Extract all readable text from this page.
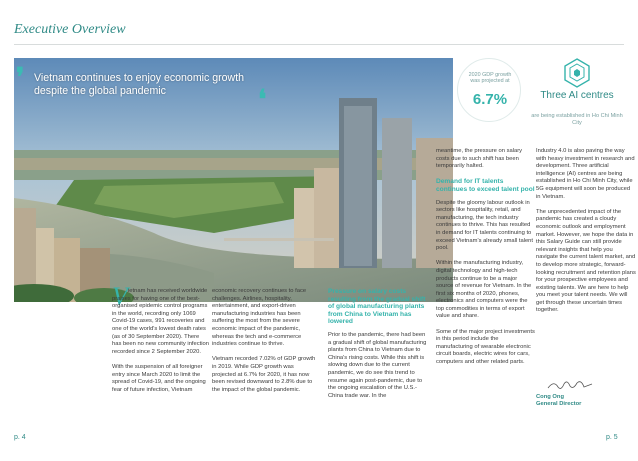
Executive Overview
❜ Vietnam continues to enjoy economic growth despite the global pandemic	❛
2020 GDP growth was projected at
6.7%	Three AI centres
are being established in Ho Chi Minh City
V ietnam has received worldwide praises for having one of the best-organised epidemic control programs in the world, recording only 1069 Covid-19 cases, 991 recoveries and one of the world's lowest death rates (as of 30 September 2020). There has been no new community infection recorded since 2 September 2020.

With the suspension of all foreigner entry since March 2020 to limit the spread of Covid-19, and the ongoing fear of future infection, Vietnam

economic recovery continues to face challenges. Airlines, hospitality, entertainment, and export-driven manufacturing industries has been suffering the most from the severe economic impact of the pandemic, whereas the tech and e-commerce industries continue to thrive.

Vietnam recorded 7.02% of GDP growth in 2019. While GDP growth was projected at 6.7% for 2020, it has now been revised downward to 2.8% due to the impact of the global pandemic.

Pressure on salary costs resulting from the gradual shift of global manufacturing plants from China to Vietnam has lowered

Prior to the pandemic, there had been a gradual shift of global manufacturing plants from China to Vietnam due to China's rising costs. While this shift is slowing down due to the current pandemic, we do see this trend to resume again post-pandemic, due to the ongoing escalation of the U.S.-China trade war. In the

meantime, the pressure on salary costs due to such shift has been temporarily halted.

Demand for IT talents continues to exceed talent pool

Despite the gloomy labour outlook in sectors like hospitality, retail, and manufacturing, the tech industry continues to thrive. This has resulted in demand for IT talents continuing to exceed Vietnam's already small talent pool.

Within the manufacturing industry, digital technology and high-tech products continue to be a major source of revenue for Vietnam. In the first six months of 2020, phones, electronics and computers were the top commodities in terms of export value and share.

Some of the major project investments in this period include the manufacturing of wearable electronic circuit boards, electric wires for cars, computers and other related parts.

Industry 4.0 is also paving the way with heavy investment in research and development. Three artificial intelligence (AI) centres are being established in Ho Chi Minh City, while 5G equipment will soon be produced in Vietnam.

The unprecedented impact of the pandemic has created a cloudy economic outlook and employment market. However, we hope the data in this Salary Guide can still provide relevant insights that help you navigate the current talent market, and to develop more strategic, forward-looking recruitment and retention plans for your prospective employees and existing talents. We are here to help you meet your talent needs. We will get through these uncertain times together.

Cong Ong
General Director
p. 4	p. 5
